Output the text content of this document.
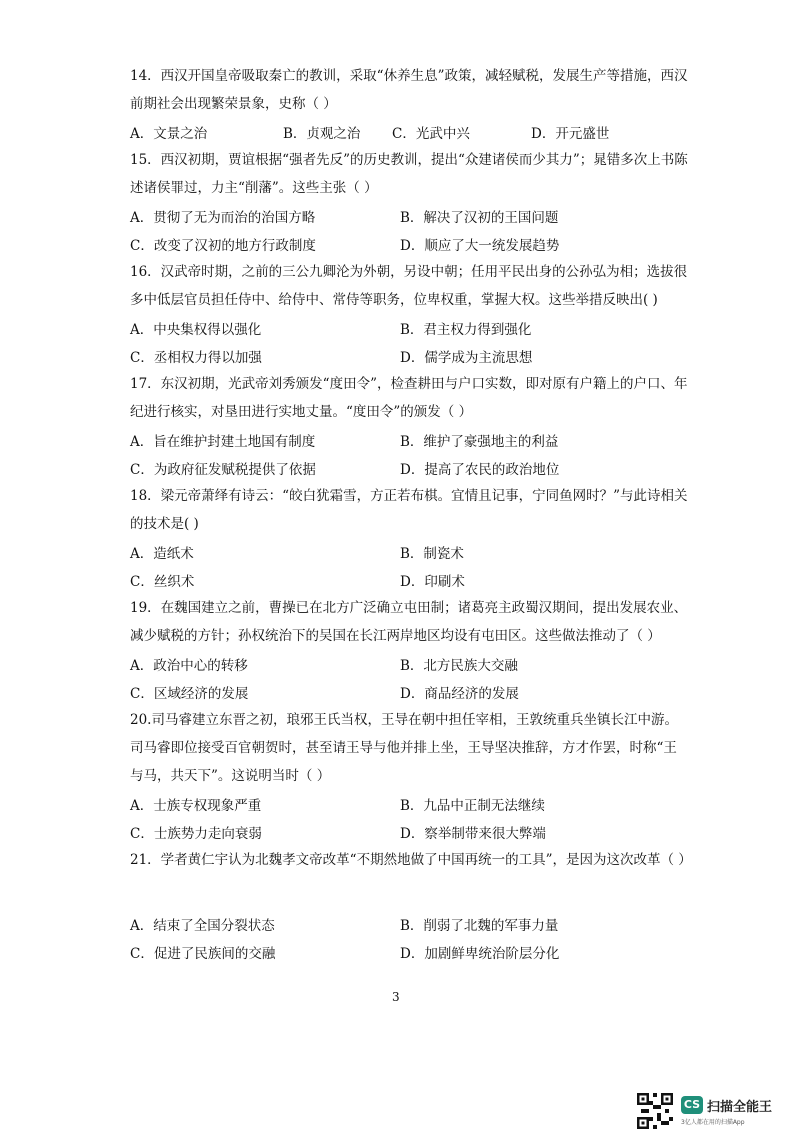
14．西汉开国皇帝吸取秦亡的教训，采取“休养生息”政策，减轻赋税，发展生产等措施，西汉前期社会出现繁荣景象，史称（ ）

A．文景之治	B．贞观之治 C．光武中兴	D．开元盛世

15．西汉初期，贾谊根据“强者先反”的历史教训，提出“众建诸侯而少其力”；晁错多次上书陈述诸侯罪过，力主“削藩”。这些主张（ ）

A．贯彻了无为而治的治国方略	B．解决了汉初的王国问题
C．改变了汉初的地方行政制度	D．顺应了大一统发展趋势

16．汉武帝时期，之前的三公九卿沦为外朝，另设中朝；任用平民出身的公孙弘为相；选拔很多中低层官员担任侍中、给侍中、常侍等职务，位卑权重，掌握大权。这些举措反映出( )

A．中央集权得以强化	B．君主权力得到强化
C．丞相权力得以加强	D．儒学成为主流思想

17．东汉初期，光武帝刘秀颁发“度田令”，检查耕田与户口实数，即对原有户籍上的户口、年纪进行核实，对垦田进行实地丈量。“度田令”的颁发（ ）

A．旨在维护封建土地国有制度	B．维护了豪强地主的利益
C．为政府征发赋税提供了依据	D．提高了农民的政治地位

18．梁元帝萧绎有诗云：“皎白犹霜雪，方正若布棋。宜情且记事，宁同鱼网时？”与此诗相关的技术是( )

A．造纸术	B．制瓷术
C．丝织术	D．印刷术

19．在魏国建立之前，曹操已在北方广泛确立屯田制；诸葛亮主政蜀汉期间，提出发展农业、减少赋税的方针；孙权统治下的吴国在长江两岸地区均设有屯田区。这些做法推动了（ ）

A．政治中心的转移	B．北方民族大交融
C．区域经济的发展	D．商品经济的发展

20.司马睿建立东晋之初，琅邪王氏当权，王导在朝中担任宰相，王敦统重兵坐镇长江中游。司马睿即位接受百官朝贺时，甚至请王导与他并排上坐，王导坚决推辞，方才作罢，时称“王与马，共天下”。这说明当时（ ）

A．士族专权现象严重	B．九品中正制无法继续
C．士族势力走向衰弱	D．察举制带来很大弊端

21．学者黄仁宇认为北魏孝文帝改革“不期然地做了中国再统一的工具”，是因为这次改革（ ）

A．结束了全国分裂状态	B．削弱了北魏的军事力量
C．促进了民族间的交融	D．加剧鲜卑统治阶层分化
3
CS 扫描全能王
3亿人都在用的扫描App
